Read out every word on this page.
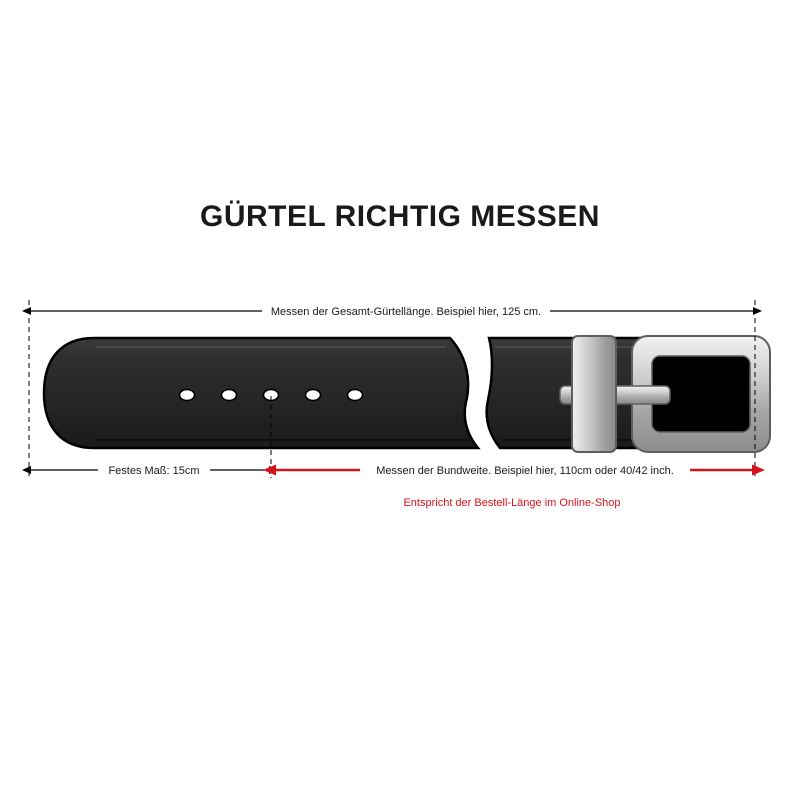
GÜRTEL RICHTIG MESSEN
Messen der Gesamt-Gürtellänge. Beispiel hier, 125 cm.
Festes Maß: 15cm	Messen der Bundweite. Beispiel hier, 110cm oder 40/42 inch.
Entspricht der Bestell-Länge im Online-Shop
